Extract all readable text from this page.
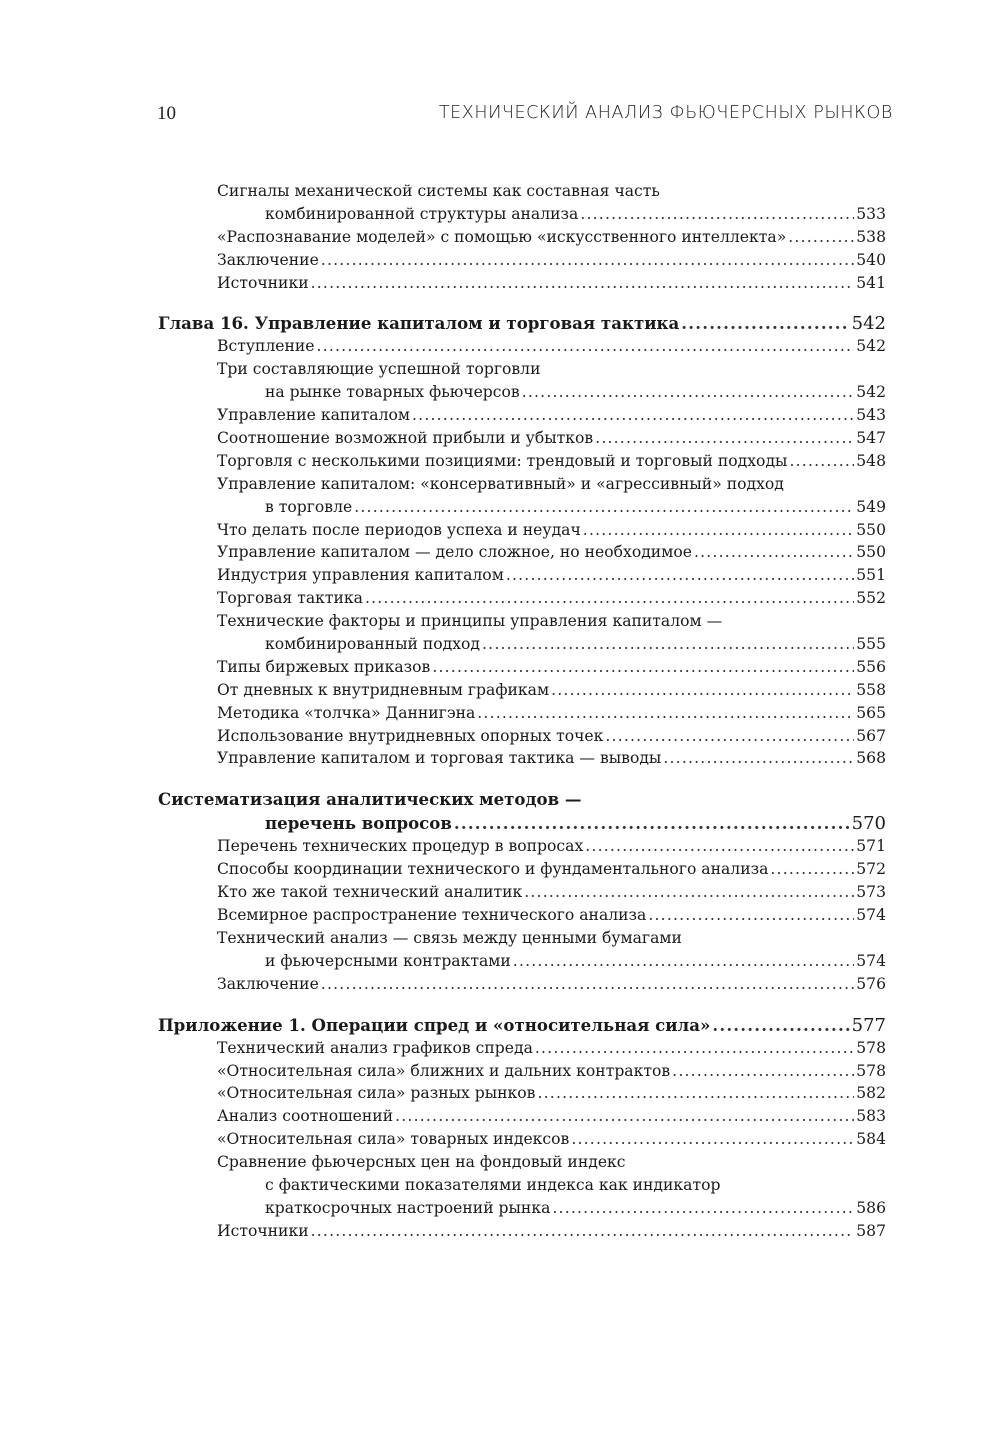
10	ТЕХНИЧЕСКИЙ АНАЛИЗ ФЬЮЧЕРСНЫХ РЫНКОВ
Сигналы механической системы как составная часть
комбинированной структуры анализа .....	533
«Распознавание моделей» с помощью «искусственного интеллекта» .....	538
Заключение .....	540
Источники .....	541
Глава 16. Управление капиталом и торговая тактика .....	542
Вступление .....	542
Три составляющие успешной торговли
на рынке товарных фьючерсов .....	542
Управление капиталом .....	543
Соотношение возможной прибыли и убытков .....	547
Торговля с несколькими позициями: трендовый и торговый подходы .....	548
Управление капиталом: «консервативный» и «агрессивный» подход
в торговле .....	549
Что делать после периодов успеха и неудач .....	550
Управление капиталом — дело сложное, но необходимое .....	550
Индустрия управления капиталом .....	551
Торговая тактика .....	552
Технические факторы и принципы управления капиталом —
комбинированный подход .....	555
Типы биржевых приказов .....	556
От дневных к внутридневным графикам .....	558
Методика «толчка» Даннигэна .....	565
Использование внутридневных опорных точек .....	567
Управление капиталом и торговая тактика — выводы .....	568
Систематизация аналитических методов —
перечень вопросов .....	570
Перечень технических процедур в вопросах .....	571
Способы координации технического и фундаментального анализа .....	572
Кто же такой технический аналитик .....	573
Всемирное распространение технического анализа .....	574
Технический анализ — связь между ценными бумагами
и фьючерсными контрактами .....	574
Заключение .....	576
Приложение 1. Операции спред и «относительная сила» .....	577
Технический анализ графиков спреда .....	578
«Относительная сила» ближних и дальних контрактов .....	578
«Относительная сила» разных рынков .....	582
Анализ соотношений .....	583
«Относительная сила» товарных индексов .....	584
Сравнение фьючерсных цен на фондовый индекс
с фактическими показателями индекса как индикатор
краткосрочных настроений рынка .....	586
Источники .....	587
